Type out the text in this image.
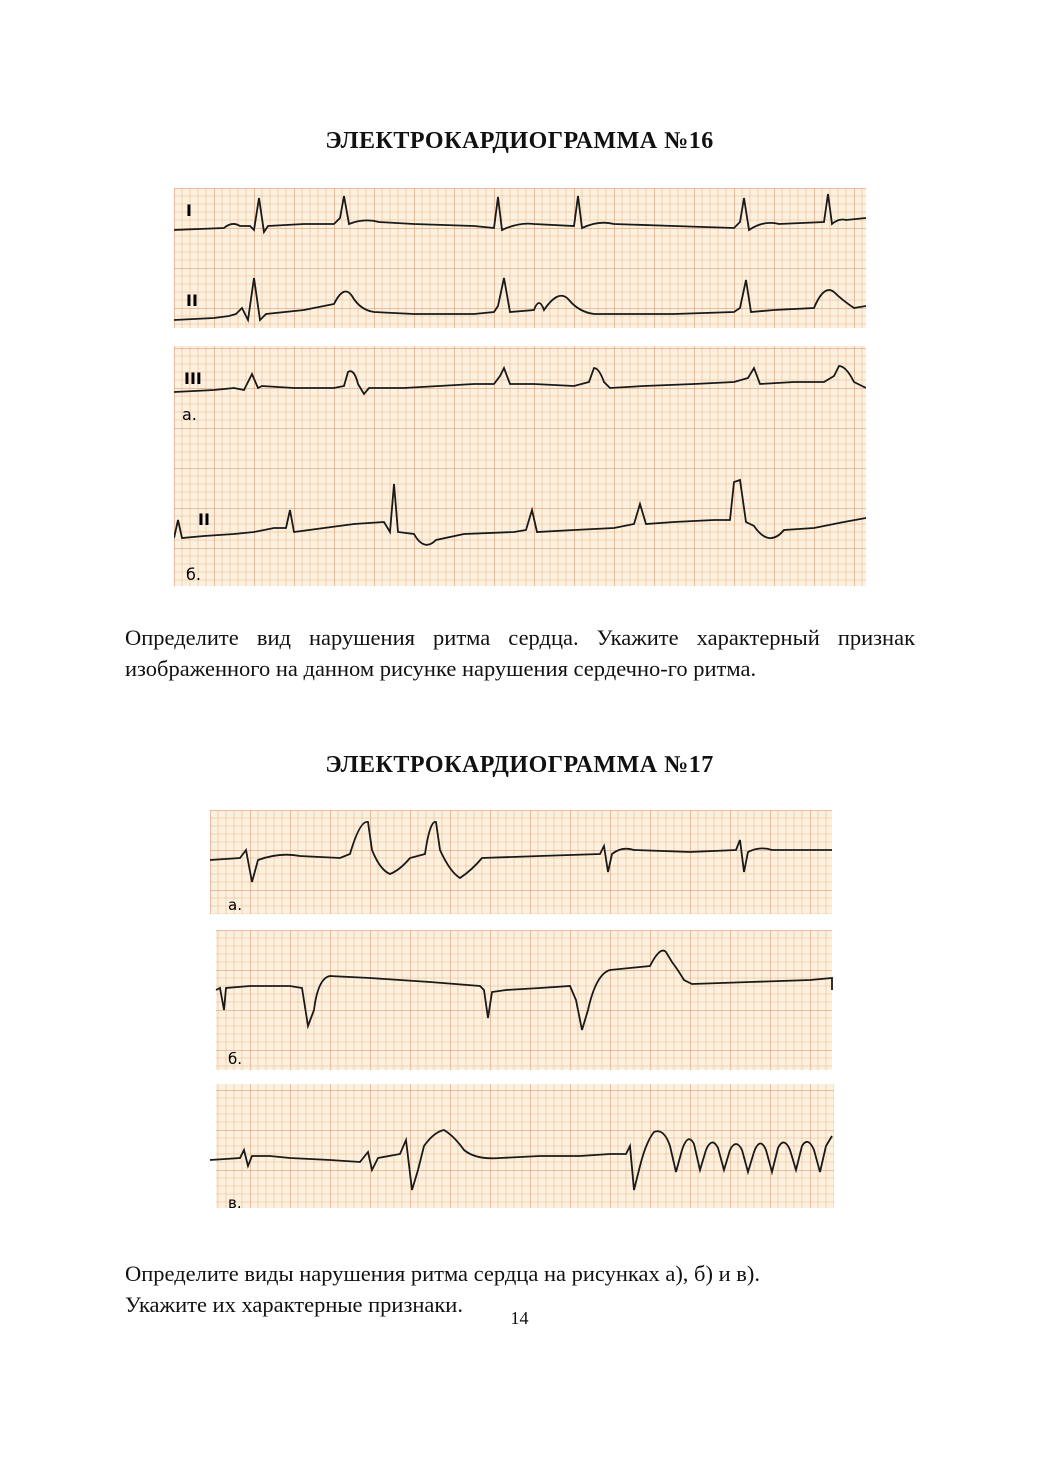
ЭЛЕКТРОКАРДИОГРАММА №16
I
II
III
а.
II
б.
Определите вид нарушения ритма сердца. Укажите характерный признак изображенного на данном рисунке нарушения сердечно-го ритма.
ЭЛЕКТРОКАРДИОГРАММА №17
а.
б.
в.
Определите виды нарушения ритма сердца на рисунках а), б) и в).
Укажите их характерные признаки.
14
